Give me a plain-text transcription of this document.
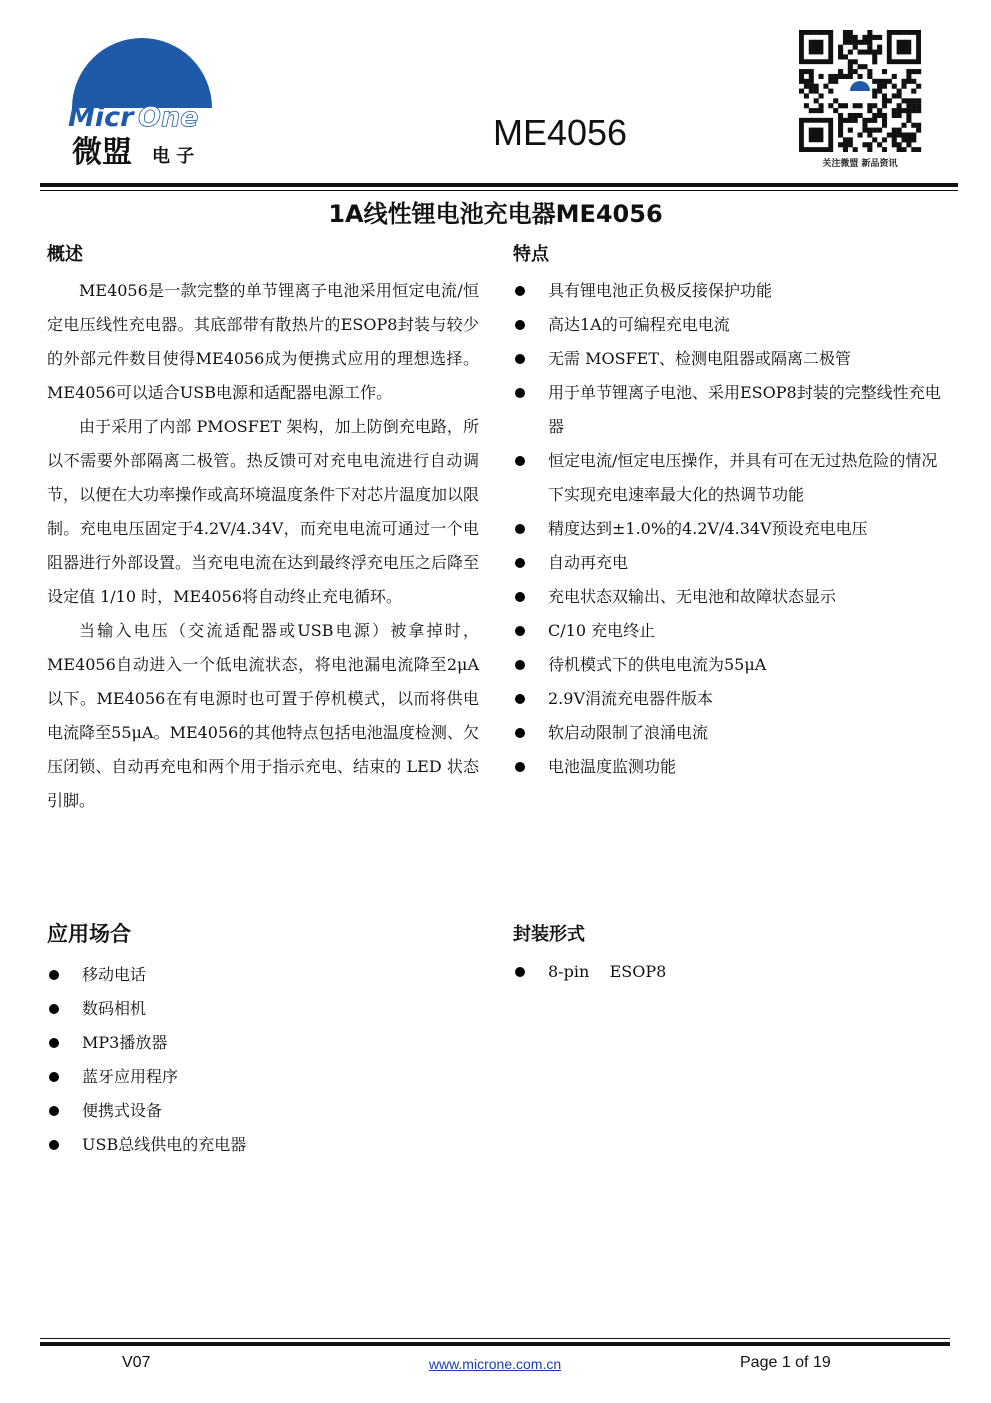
Micr One
微盟 电 子
ME4056
关注微盟 新品资讯
1A线性锂电池充电器ME4056
概述

ME4056是一款完整的单节锂离子电池采用恒定电流/恒定电压线性充电器。其底部带有散热片的ESOP8封装与较少的外部元件数目使得ME4056成为便携式应用的理想选择。ME4056可以适合USB电源和适配器电源工作。

由于采用了内部 PMOSFET 架构，加上防倒充电路，所以不需要外部隔离二极管。热反馈可对充电电流进行自动调节，以便在大功率操作或高环境温度条件下对芯片温度加以限制。充电电压固定于4.2V/4.34V，而充电电流可通过一个电阻器进行外部设置。当充电电流在达到最终浮充电压之后降至设定值 1/10 时，ME4056将自动终止充电循环。

当输入电压（交流适配器或USB电源）被拿掉时，ME4056自动进入一个低电流状态，将电池漏电流降至2μA以下。ME4056在有电源时也可置于停机模式，以而将供电电流降至55μA。ME4056的其他特点包括电池温度检测、欠压闭锁、自动再充电和两个用于指示充电、结束的 LED 状态引脚。

特点
具有锂电池正负极反接保护功能
高达1A的可编程充电电流
无需 MOSFET、检测电阻器或隔离二极管
用于单节锂离子电池、采用ESOP8封装的完整线性充电器
恒定电流/恒定电压操作，并具有可在无过热危险的情况下实现充电速率最大化的热调节功能
精度达到±1.0%的4.2V/4.34V预设充电电压
自动再充电
充电状态双输出、无电池和故障状态显示
C/10 充电终止
待机模式下的供电电流为55μA
2.9V涓流充电器件版本
软启动限制了浪涌电流
电池温度监测功能
应用场合
移动电话
数码相机
MP3播放器
蓝牙应用程序
便携式设备
USB总线供电的充电器
封装形式
8-pin    ESOP8
V07	www.microne.com.cn	Page 1 of 19
